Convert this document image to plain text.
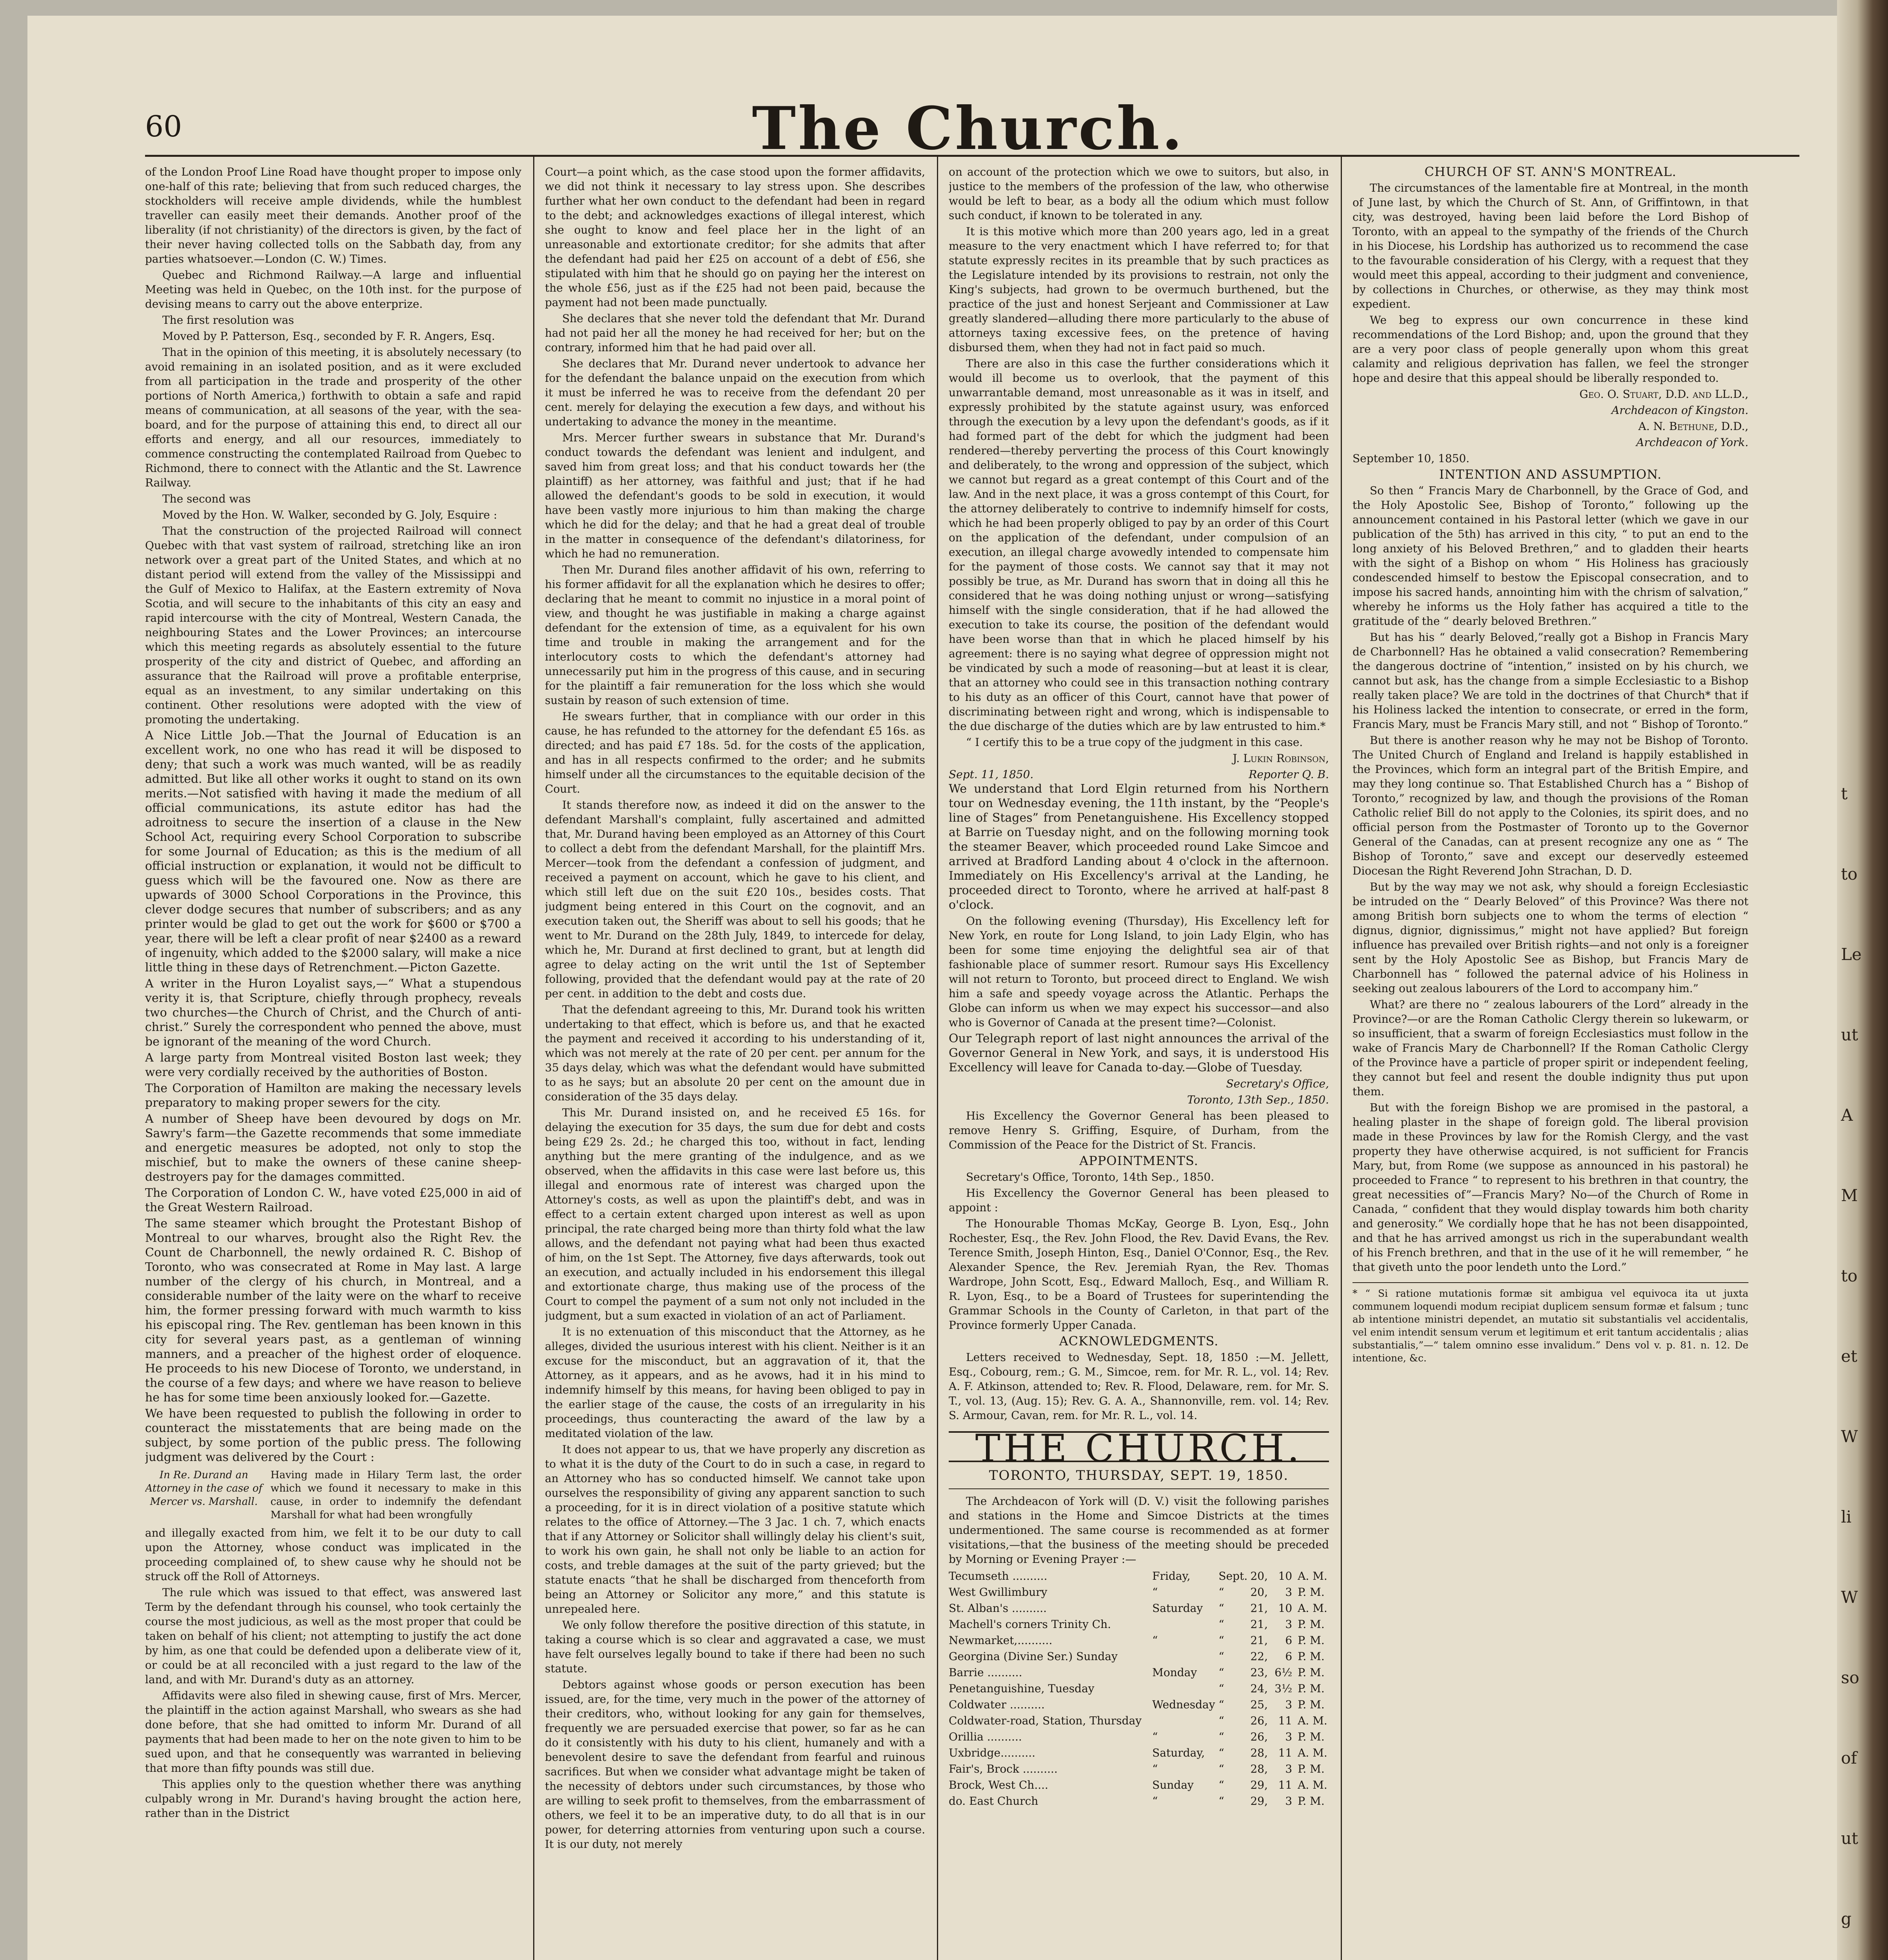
60	The Church.

of the London Proof Line Road have thought proper to impose only one-half of this rate; believing that from such reduced charges, the stockholders will receive ample dividends, while the humblest traveller can easily meet their demands. Another proof of the liberality (if not christianity) of the directors is given, by the fact of their never having collected tolls on the Sabbath day, from any parties whatsoever.—London (C. W.) Times.

Quebec and Richmond Railway.—A large and influential Meeting was held in Quebec, on the 10th inst. for the purpose of devising means to carry out the above enterprize.

The first resolution was

Moved by P. Patterson, Esq., seconded by F. R. Angers, Esq.

That in the opinion of this meeting, it is absolutely necessary (to avoid remaining in an isolated position, and as it were excluded from all participation in the trade and prosperity of the other portions of North America,) forthwith to obtain a safe and rapid means of communication, at all seasons of the year, with the sea-board, and for the purpose of attaining this end, to direct all our efforts and energy, and all our resources, immediately to commence constructing the contemplated Railroad from Quebec to Richmond, there to connect with the Atlantic and the St. Lawrence Railway.

The second was

Moved by the Hon. W. Walker, seconded by G. Joly, Esquire :

That the construction of the projected Railroad will connect Quebec with that vast system of railroad, stretching like an iron network over a great part of the United States, and which at no distant period will extend from the valley of the Mississippi and the Gulf of Mexico to Halifax, at the Eastern extremity of Nova Scotia, and will secure to the inhabitants of this city an easy and rapid intercourse with the city of Montreal, Western Canada, the neighbouring States and the Lower Provinces; an intercourse which this meeting regards as absolutely essential to the future prosperity of the city and district of Quebec, and affording an assurance that the Railroad will prove a profitable enterprise, equal as an investment, to any similar undertaking on this continent. Other resolutions were adopted with the view of promoting the undertaking.

A Nice Little Job.—That the Journal of Education is an excellent work, no one who has read it will be disposed to deny; that such a work was much wanted, will be as readily admitted. But like all other works it ought to stand on its own merits.—Not satisfied with having it made the medium of all official communications, its astute editor has had the adroitness to secure the insertion of a clause in the New School Act, requiring every School Corporation to subscribe for some Journal of Education; as this is the medium of all official instruction or explanation, it would not be difficult to guess which will be the favoured one. Now as there are upwards of 3000 School Corporations in the Province, this clever dodge secures that number of subscribers; and as any printer would be glad to get out the work for $600 or $700 a year, there will be left a clear profit of near $2400 as a reward of ingenuity, which added to the $2000 salary, will make a nice little thing in these days of Retrenchment.—Picton Gazette.

A writer in the Huron Loyalist says,—“ What a stupendous verity it is, that Scripture, chiefly through prophecy, reveals two churches—the Church of Christ, and the Church of anti-christ.” Surely the correspondent who penned the above, must be ignorant of the meaning of the word Church.

A large party from Montreal visited Boston last week; they were very cordially received by the authorities of Boston.

The Corporation of Hamilton are making the necessary levels preparatory to making proper sewers for the city.

A number of Sheep have been devoured by dogs on Mr. Sawry's farm—the Gazette recommends that some immediate and energetic measures be adopted, not only to stop the mischief, but to make the owners of these canine sheep-destroyers pay for the damages committed.

The Corporation of London C. W., have voted £25,000 in aid of the Great Western Railroad.

The same steamer which brought the Protestant Bishop of Montreal to our wharves, brought also the Right Rev. the Count de Charbonnell, the newly ordained R. C. Bishop of Toronto, who was consecrated at Rome in May last. A large number of the clergy of his church, in Montreal, and a considerable number of the laity were on the wharf to receive him, the former pressing forward with much warmth to kiss his episcopal ring. The Rev. gentleman has been known in this city for several years past, as a gentleman of winning manners, and a preacher of the highest order of eloquence. He proceeds to his new Diocese of Toronto, we understand, in the course of a few days; and where we have reason to believe he has for some time been anxiously looked for.—Gazette.

We have been requested to publish the following in order to counteract the misstatements that are being made on the subject, by some portion of the public press. The following judgment was delivered by the Court :

In Re. Durand an Attorney in the case of Mercer vs. Marshall.
Having made in Hilary Term last, the order which we found it necessary to make in this cause, in order to indemnify the defendant Marshall for what had been wrongfully

and illegally exacted from him, we felt it to be our duty to call upon the Attorney, whose conduct was implicated in the proceeding complained of, to shew cause why he should not be struck off the Roll of Attorneys.

The rule which was issued to that effect, was answered last Term by the defendant through his counsel, who took certainly the course the most judicious, as well as the most proper that could be taken on behalf of his client; not attempting to justify the act done by him, as one that could be defended upon a deliberate view of it, or could be at all reconciled with a just regard to the law of the land, and with Mr. Durand's duty as an attorney.

Affidavits were also filed in shewing cause, first of Mrs. Mercer, the plaintiff in the action against Marshall, who swears as she had done before, that she had omitted to inform Mr. Durand of all payments that had been made to her on the note given to him to be sued upon, and that he consequently was warranted in believing that more than fifty pounds was still due.

This applies only to the question whether there was anything culpably wrong in Mr. Durand's having brought the action here, rather than in the District

Court—a point which, as the case stood upon the former affidavits, we did not think it necessary to lay stress upon. She describes further what her own conduct to the defendant had been in regard to the debt; and acknowledges exactions of illegal interest, which she ought to know and feel place her in the light of an unreasonable and extortionate creditor; for she admits that after the defendant had paid her £25 on account of a debt of £56, she stipulated with him that he should go on paying her the interest on the whole £56, just as if the £25 had not been paid, because the payment had not been made punctually.

She declares that she never told the defendant that Mr. Durand had not paid her all the money he had received for her; but on the contrary, informed him that he had paid over all.

She declares that Mr. Durand never undertook to advance her for the defendant the balance unpaid on the execution from which it must be inferred he was to receive from the defendant 20 per cent. merely for delaying the execution a few days, and without his undertaking to advance the money in the meantime.

Mrs. Mercer further swears in substance that Mr. Durand's conduct towards the defendant was lenient and indulgent, and saved him from great loss; and that his conduct towards her (the plaintiff) as her attorney, was faithful and just; that if he had allowed the defendant's goods to be sold in execution, it would have been vastly more injurious to him than making the charge which he did for the delay; and that he had a great deal of trouble in the matter in consequence of the defendant's dilatoriness, for which he had no remuneration.

Then Mr. Durand files another affidavit of his own, referring to his former affidavit for all the explanation which he desires to offer; declaring that he meant to commit no injustice in a moral point of view, and thought he was justifiable in making a charge against defendant for the extension of time, as a equivalent for his own time and trouble in making the arrangement and for the interlocutory costs to which the defendant's attorney had unnecessarily put him in the progress of this cause, and in securing for the plaintiff a fair remuneration for the loss which she would sustain by reason of such extension of time.

He swears further, that in compliance with our order in this cause, he has refunded to the attorney for the defendant £5 16s. as directed; and has paid £7 18s. 5d. for the costs of the application, and has in all respects confirmed to the order; and he submits himself under all the circumstances to the equitable decision of the Court.

It stands therefore now, as indeed it did on the answer to the defendant Marshall's complaint, fully ascertained and admitted that, Mr. Durand having been employed as an Attorney of this Court to collect a debt from the defendant Marshall, for the plaintiff Mrs. Mercer—took from the defendant a confession of judgment, and received a payment on account, which he gave to his client, and which still left due on the suit £20 10s., besides costs. That judgment being entered in this Court on the cognovit, and an execution taken out, the Sheriff was about to sell his goods; that he went to Mr. Durand on the 28th July, 1849, to intercede for delay, which he, Mr. Durand at first declined to grant, but at length did agree to delay acting on the writ until the 1st of September following, provided that the defendant would pay at the rate of 20 per cent. in addition to the debt and costs due.

That the defendant agreeing to this, Mr. Durand took his written undertaking to that effect, which is before us, and that he exacted the payment and received it according to his understanding of it, which was not merely at the rate of 20 per cent. per annum for the 35 days delay, which was what the defendant would have submitted to as he says; but an absolute 20 per cent on the amount due in consideration of the 35 days delay.

This Mr. Durand insisted on, and he received £5 16s. for delaying the execution for 35 days, the sum due for debt and costs being £29 2s. 2d.; he charged this too, without in fact, lending anything but the mere granting of the indulgence, and as we observed, when the affidavits in this case were last before us, this illegal and enormous rate of interest was charged upon the Attorney's costs, as well as upon the plaintiff's debt, and was in effect to a certain extent charged upon interest as well as upon principal, the rate charged being more than thirty fold what the law allows, and the defendant not paying what had been thus exacted of him, on the 1st Sept. The Attorney, five days afterwards, took out an execution, and actually included in his endorsement this illegal and extortionate charge, thus making use of the process of the Court to compel the payment of a sum not only not included in the judgment, but a sum exacted in violation of an act of Parliament.

It is no extenuation of this misconduct that the Attorney, as he alleges, divided the usurious interest with his client. Neither is it an excuse for the misconduct, but an aggravation of it, that the Attorney, as it appears, and as he avows, had it in his mind to indemnify himself by this means, for having been obliged to pay in the earlier stage of the cause, the costs of an irregularity in his proceedings, thus counteracting the award of the law by a meditated violation of the law.

It does not appear to us, that we have properly any discretion as to what it is the duty of the Court to do in such a case, in regard to an Attorney who has so conducted himself. We cannot take upon ourselves the responsibility of giving any apparent sanction to such a proceeding, for it is in direct violation of a positive statute which relates to the office of Attorney.—The 3 Jac. 1 ch. 7, which enacts that if any Attorney or Solicitor shall willingly delay his client's suit, to work his own gain, he shall not only be liable to an action for costs, and treble damages at the suit of the party grieved; but the statute enacts “that he shall be discharged from thenceforth from being an Attorney or Solicitor any more,” and this statute is unrepealed here.

We only follow therefore the positive direction of this statute, in taking a course which is so clear and aggravated a case, we must have felt ourselves legally bound to take if there had been no such statute.

Debtors against whose goods or person execution has been issued, are, for the time, very much in the power of the attorney of their creditors, who, without looking for any gain for themselves, frequently we are persuaded exercise that power, so far as he can do it consistently with his duty to his client, humanely and with a benevolent desire to save the defendant from fearful and ruinous sacrifices. But when we consider what advantage might be taken of the necessity of debtors under such circumstances, by those who are willing to seek profit to themselves, from the embarrassment of others, we feel it to be an imperative duty, to do all that is in our power, for deterring attornies from venturing upon such a course. It is our duty, not merely

on account of the protection which we owe to suitors, but also, in justice to the members of the profession of the law, who otherwise would be left to bear, as a body all the odium which must follow such conduct, if known to be tolerated in any.

It is this motive which more than 200 years ago, led in a great measure to the very enactment which I have referred to; for that statute expressly recites in its preamble that by such practices as the Legislature intended by its provisions to restrain, not only the King's subjects, had grown to be overmuch burthened, but the practice of the just and honest Serjeant and Commissioner at Law greatly slandered—alluding there more particularly to the abuse of attorneys taxing excessive fees, on the pretence of having disbursed them, when they had not in fact paid so much.

There are also in this case the further considerations which it would ill become us to overlook, that the payment of this unwarrantable demand, most unreasonable as it was in itself, and expressly prohibited by the statute against usury, was enforced through the execution by a levy upon the defendant's goods, as if it had formed part of the debt for which the judgment had been rendered—thereby perverting the process of this Court knowingly and deliberately, to the wrong and oppression of the subject, which we cannot but regard as a great contempt of this Court and of the law. And in the next place, it was a gross contempt of this Court, for the attorney deliberately to contrive to indemnify himself for costs, which he had been properly obliged to pay by an order of this Court on the application of the defendant, under compulsion of an execution, an illegal charge avowedly intended to compensate him for the payment of those costs. We cannot say that it may not possibly be true, as Mr. Durand has sworn that in doing all this he considered that he was doing nothing unjust or wrong—satisfying himself with the single consideration, that if he had allowed the execution to take its course, the position of the defendant would have been worse than that in which he placed himself by his agreement: there is no saying what degree of oppression might not be vindicated by such a mode of reasoning—but at least it is clear, that an attorney who could see in this transaction nothing contrary to his duty as an officer of this Court, cannot have that power of discriminating between right and wrong, which is indispensable to the due discharge of the duties which are by law entrusted to him.*

“ I certify this to be a true copy of the judgment in this case.

J. Lukin Robinson,

Sept. 11, 1850.	Reporter Q. B.

We understand that Lord Elgin returned from his Northern tour on Wednesday evening, the 11th instant, by the “People's line of Stages” from Penetanguishene. His Excellency stopped at Barrie on Tuesday night, and on the following morning took the steamer Beaver, which proceeded round Lake Simcoe and arrived at Bradford Landing about 4 o'clock in the afternoon. Immediately on His Excellency's arrival at the Landing, he proceeded direct to Toronto, where he arrived at half-past 8 o'clock.

On the following evening (Thursday), His Excellency left for New York, en route for Long Island, to join Lady Elgin, who has been for some time enjoying the delightful sea air of that fashionable place of summer resort. Rumour says His Excellency will not return to Toronto, but proceed direct to England. We wish him a safe and speedy voyage across the Atlantic. Perhaps the Globe can inform us when we may expect his successor—and also who is Governor of Canada at the present time?—Colonist.

Our Telegraph report of last night announces the arrival of the Governor General in New York, and says, it is understood His Excellency will leave for Canada to-day.—Globe of Tuesday.

Secretary's Office,

Toronto, 13th Sep., 1850.

His Excellency the Governor General has been pleased to remove Henry S. Griffing, Esquire, of Durham, from the Commission of the Peace for the District of St. Francis.

APPOINTMENTS.

Secretary's Office, Toronto, 14th Sep., 1850.

His Excellency the Governor General has been pleased to appoint :

The Honourable Thomas McKay, George B. Lyon, Esq., John Rochester, Esq., the Rev. John Flood, the Rev. David Evans, the Rev. Terence Smith, Joseph Hinton, Esq., Daniel O'Connor, Esq., the Rev. Alexander Spence, the Rev. Jeremiah Ryan, the Rev. Thomas Wardrope, John Scott, Esq., Edward Malloch, Esq., and William R. R. Lyon, Esq., to be a Board of Trustees for superintending the Grammar Schools in the County of Carleton, in that part of the Province formerly Upper Canada.

ACKNOWLEDGMENTS.

Letters received to Wednesday, Sept. 18, 1850 :—M. Jellett, Esq., Cobourg, rem.; G. M., Simcoe, rem. for Mr. R. L., vol. 14; Rev. A. F. Atkinson, attended to; Rev. R. Flood, Delaware, rem. for Mr. S. T., vol. 13, (Aug. 15); Rev. G. A. A., Shannonville, rem. vol. 14; Rev. S. Armour, Cavan, rem. for Mr. R. L., vol. 14.

THE CHURCH.
TORONTO, THURSDAY, SEPT. 19, 1850.

The Archdeacon of York will (D. V.) visit the following parishes and stations in the Home and Simcoe Districts at the times undermentioned. The same course is recommended as at former visitations,—that the business of the meeting should be preceded by Morning or Evening Prayer :—

Tecumseth ..........	Friday,	Sept.	20,	10	A. M.
West Gwillimbury	“	“	20,	3	P. M.
St. Alban's ..........	Saturday	“	21,	10	A. M.
Machell's corners Trinity Ch.		“	21,	3	P. M.
Newmarket,..........	“	“	21,	6	P. M.
Georgina (Divine Ser.) Sunday		“	22,	6	P. M.
Barrie ..........	Monday	“	23,	6½	P. M.
Penetanguishine, Tuesday		“	24,	3½	P. M.
Coldwater ..........	Wednesday	“	25,	3	P. M.
Coldwater-road, Station, Thursday		“	26,	11	A. M.
Orillia ..........	“	“	26,	3	P. M.
Uxbridge..........	Saturday,	“	28,	11	A. M.
Fair's, Brock ..........	“	“	28,	3	P. M.
Brock, West Ch....	Sunday	“	29,	11	A. M.
do. East Church	“	“	29,	3	P. M.

CHURCH OF ST. ANN'S MONTREAL.

The circumstances of the lamentable fire at Montreal, in the month of June last, by which the Church of St. Ann, of Griffintown, in that city, was destroyed, having been laid before the Lord Bishop of Toronto, with an appeal to the sympathy of the friends of the Church in his Diocese, his Lordship has authorized us to recommend the case to the favourable consideration of his Clergy, with a request that they would meet this appeal, according to their judgment and convenience, by collections in Churches, or otherwise, as they may think most expedient.

We beg to express our own concurrence in these kind recommendations of the Lord Bishop; and, upon the ground that they are a very poor class of people generally upon whom this great calamity and religious deprivation has fallen, we feel the stronger hope and desire that this appeal should be liberally responded to.

Geo. O. Stuart, D.D. and LL.D.,

Archdeacon of Kingston.

A. N. Bethune, D.D.,

Archdeacon of York.

September 10, 1850.

INTENTION AND ASSUMPTION.

So then “ Francis Mary de Charbonnell, by the Grace of God, and the Holy Apostolic See, Bishop of Toronto,” following up the announcement contained in his Pastoral letter (which we gave in our publication of the 5th) has arrived in this city, “ to put an end to the long anxiety of his Beloved Brethren,” and to gladden their hearts with the sight of a Bishop on whom “ His Holiness has graciously condescended himself to bestow the Episcopal consecration, and to impose his sacred hands, annointing him with the chrism of salvation,” whereby he informs us the Holy father has acquired a title to the gratitude of the “ dearly beloved Brethren.”

But has his “ dearly Beloved,”really got a Bishop in Francis Mary de Charbonnell? Has he obtained a valid consecration? Remembering the dangerous doctrine of “intention,” insisted on by his church, we cannot but ask, has the change from a simple Ecclesiastic to a Bishop really taken place? We are told in the doctrines of that Church* that if his Holiness lacked the intention to consecrate, or erred in the form, Francis Mary, must be Francis Mary still, and not “ Bishop of Toronto.”

But there is another reason why he may not be Bishop of Toronto. The United Church of England and Ireland is happily established in the Provinces, which form an integral part of the British Empire, and may they long continue so. That Established Church has a “ Bishop of Toronto,” recognized by law, and though the provisions of the Roman Catholic relief Bill do not apply to the Colonies, its spirit does, and no official person from the Postmaster of Toronto up to the Governor General of the Canadas, can at present recognize any one as “ The Bishop of Toronto,” save and except our deservedly esteemed Diocesan the Right Reverend John Strachan, D. D.

But by the way may we not ask, why should a foreign Ecclesiastic be intruded on the “ Dearly Beloved” of this Province? Was there not among British born subjects one to whom the terms of election “ dignus, dignior, dignissimus,” might not have applied? But foreign influence has prevailed over British rights—and not only is a foreigner sent by the Holy Apostolic See as Bishop, but Francis Mary de Charbonnell has “ followed the paternal advice of his Holiness in seeking out zealous labourers of the Lord to accompany him.”

What? are there no “ zealous labourers of the Lord” already in the Province?—or are the Roman Catholic Clergy therein so lukewarm, or so insufficient, that a swarm of foreign Ecclesiastics must follow in the wake of Francis Mary de Charbonnell? If the Roman Catholic Clergy of the Province have a particle of proper spirit or independent feeling, they cannot but feel and resent the double indignity thus put upon them.

But with the foreign Bishop we are promised in the pastoral, a healing plaster in the shape of foreign gold. The liberal provision made in these Provinces by law for the Romish Clergy, and the vast property they have otherwise acquired, is not sufficient for Francis Mary, but, from Rome (we suppose as announced in his pastoral) he proceeded to France “ to represent to his brethren in that country, the great necessities of”—Francis Mary? No—of the Church of Rome in Canada, “ confident that they would display towards him both charity and generosity.” We cordially hope that he has not been disappointed, and that he has arrived amongst us rich in the superabundant wealth of his French brethren, and that in the use of it he will remember, “ he that giveth unto the poor lendeth unto the Lord.”

* “ Si ratione mutationis formæ sit ambigua vel equivoca ita ut juxta communem loquendi modum recipiat duplicem sensum formæ et falsum ; tunc ab intentione ministri dependet, an mutatio sit substantialis vel accidentalis, vel enim intendit sensum verum et legitimum et erit tantum accidentalis ; alias substantialis,”—“ talem omnino esse invalidum.” Dens vol v. p. 81. n. 12. De intentione, &c.
t
to
Le
ut
A
M
to
et
W
li
W
so
of
ut
g
